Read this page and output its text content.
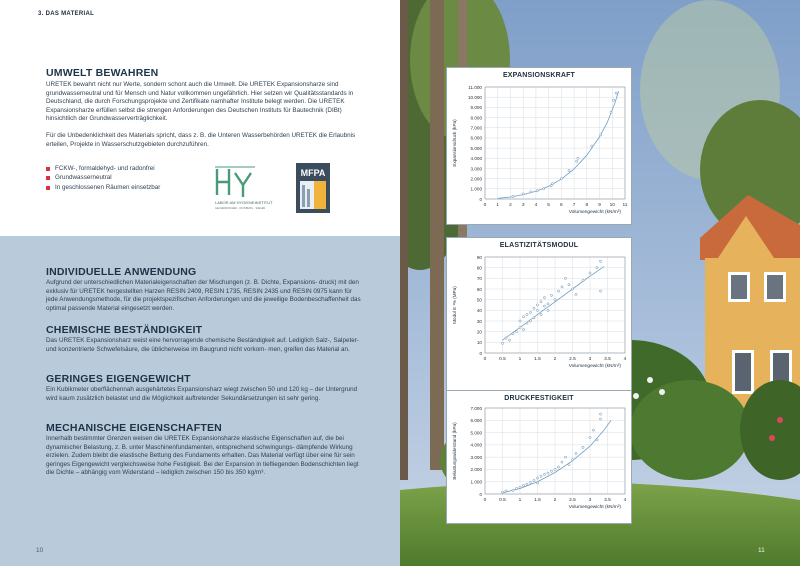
3. DAS MATERIAL
UMWELT BEWAHREN

URETEK bewahrt nicht nur Werte, sondern schont auch die Umwelt. Die URETEK Expansionsharze sind grundwasserneutral und für Mensch und Natur vollkommen ungefährlich. Hier setzen wir Qualitätsstandards in Deutschland, die durch Forschungsprojekte und Zertifikate namhafter Institute belegt werden. Die URETEK Expansionsharze erfüllen selbst die strengen Anforderungen des Deutschen Instituts für Bautechnik (DIBt) hinsichtlich der Grundwasserverträglichkeit.

Für die Unbedenklichkeit des Materials spricht, dass z. B. die Unteren Wasserbehörden URETEK die Erlaubnis erteilen, Projekte in Wasserschutzgebieten durchzuführen.

FCKW-, formaldehyd- und radonfrei
Grundwasserneutral
In geschlossenen Räumen einsetzbar
LABOR AM HYGIENEINSTITUT
GELSENKIRCHEN · DUISBURG · SIEGEN
MFPA
INDIVIDUELLE ANWENDUNG

Aufgrund der unterschiedlichen Materialeigenschaften der Mischungen (z. B. Dichte, Expansions- druck) mit den exklusiv für URETEK hergestellten Harzen RESIN 2409, RESIN 1735, RESIN 2435 und RESIN 0975 kann für jede Anwendungsmethode, für die projektspezifischen Anforderungen und die jeweilige Bodenbeschaffenheit das optimal passende Material eingesetzt werden.

CHEMISCHE BESTÄNDIGKEIT

Das URETEK Expansionsharz weist eine hervorragende chemische Beständigkeit auf. Lediglich Salz-, Salpeter- und konzentrierte Schwefelsäure, die üblicherweise im Baugrund nicht vorkom- men, greifen das Material an.

GERINGES EIGENGEWICHT

Ein Kubikmeter oberflächennah ausgehärtetes Expansionsharz wiegt zwischen 50 und 120 kg – der Untergrund wird kaum zusätzlich belastet und die Möglichkeit auftretender Sekundärsetzungen ist sehr gering.

MECHANISCHE EIGENSCHAFTEN

Innerhalb bestimmter Grenzen weisen die URETEK Expansionsharze elastische Eigenschaften auf, die bei dynamischer Belastung, z. B. unter Maschinenfundamenten, entsprechend schwingungs- dämpfende Wirkung erzielen. Zudem bleibt die elastische Bettung des Fundaments erhalten. Das Material verfügt über eine für sein geringes Eigengewicht vergleichsweise hohe Festigkeit. Bei der Expansion in tiefliegenden Bodenschichten liegt die Dichte – abhängig vom Widerstand – lediglich zwischen 150 bis 350 kg/m³.

10	11
EXPANSIONSKRAFT
0
1.000
2.000
3.000
4.000
5.000
6.000
7.000
8.000
9.000
10.000
11.000
0 1 2 3 4 5 6 7 8 9 10 11
Volumengewicht (kN/m³)
Expansionsdruck (kPa)
ELASTIZITÄTSMODUL
0
10
20
30
40
50
60
70
80
90
0	0.5	1	1.5	2	2.5	3	3.5	4
Volumengewicht (kN/m³)
Modul E ¹% (MPa)
DRUCKFESTIGKEIT
0
1.000
2.000
3.000
4.000
5.000
6.000
7.000
0	0.5	1	1.5	2	2.5	3	3.5	4
Volumengewicht (kN/m³)
Belastungswiderstand (kPa)
